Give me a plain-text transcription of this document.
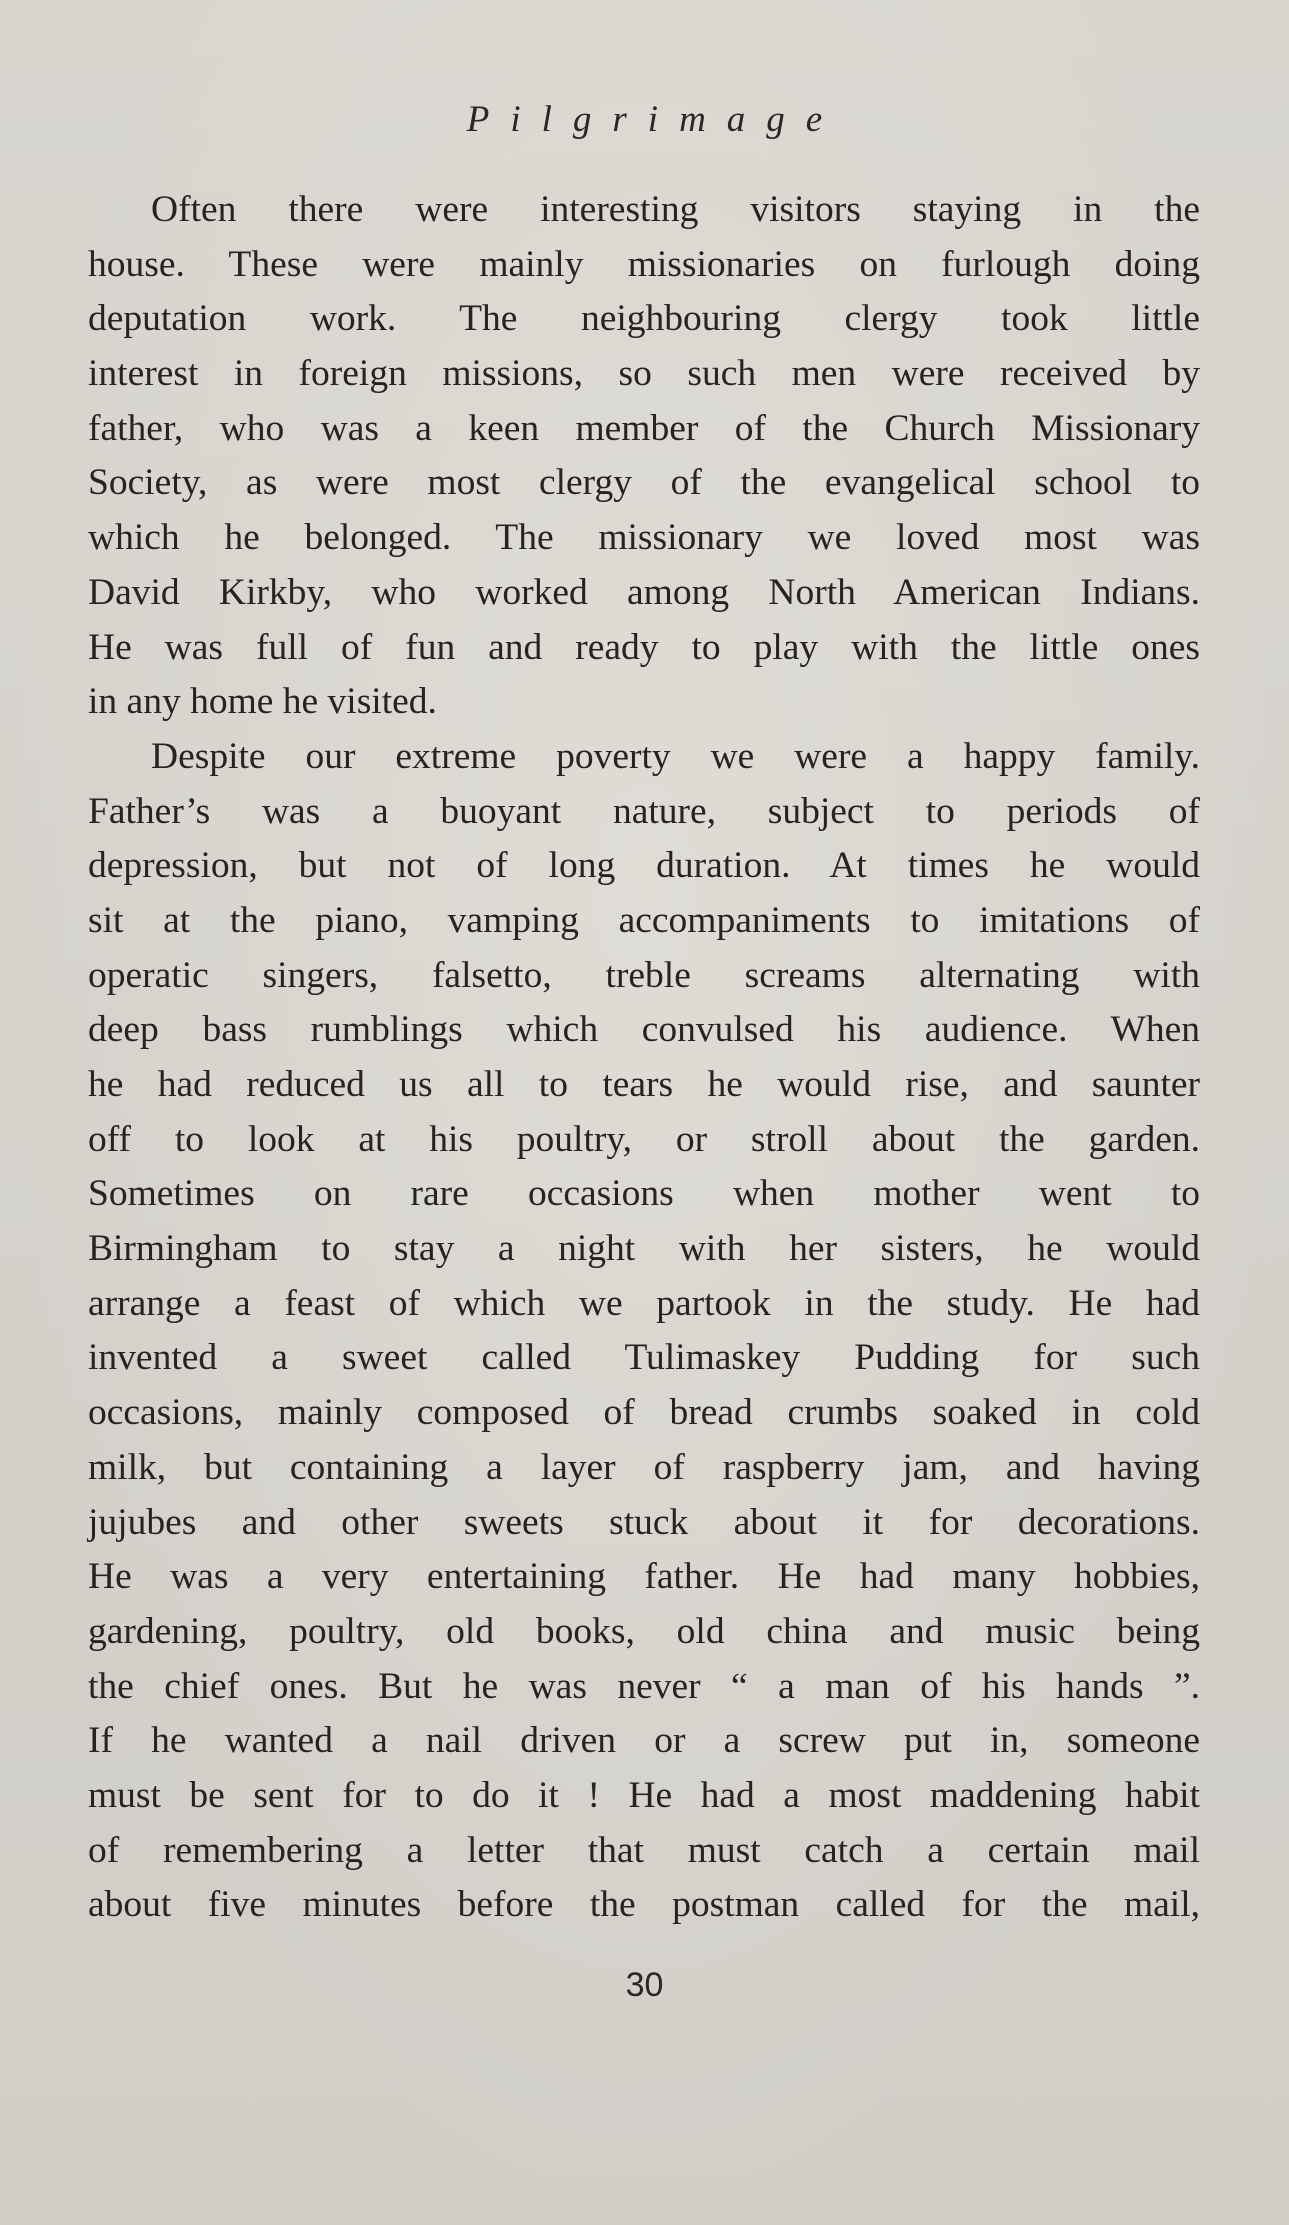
Pilgrimage
Often there were interesting visitors staying in the
house. These were mainly missionaries on furlough doing
deputation work. The neighbouring clergy took little
interest in foreign missions, so such men were received by
father, who was a keen member of the Church Missionary
Society, as were most clergy of the evangelical school to
which he belonged. The missionary we loved most was
David Kirkby, who worked among North American Indians.
He was full of fun and ready to play with the little ones
in any home he visited.
Despite our extreme poverty we were a happy family.
Father’s was a buoyant nature, subject to periods of
depression, but not of long duration. At times he would
sit at the piano, vamping accompaniments to imitations of
operatic singers, falsetto, treble screams alternating with
deep bass rumblings which convulsed his audience. When
he had reduced us all to tears he would rise, and saunter
off to look at his poultry, or stroll about the garden.
Sometimes on rare occasions when mother went to
Birmingham to stay a night with her sisters, he would
arrange a feast of which we partook in the study. He had
invented a sweet called Tulimaskey Pudding for such
occasions, mainly composed of bread crumbs soaked in cold
milk, but containing a layer of raspberry jam, and having
jujubes and other sweets stuck about it for decorations.
He was a very entertaining father. He had many hobbies,
gardening, poultry, old books, old china and music being
the chief ones. But he was never “ a man of his hands ”.
If he wanted a nail driven or a screw put in, someone
must be sent for to do it ! He had a most maddening habit
of remembering a letter that must catch a certain mail
about five minutes before the postman called for the mail,
30
